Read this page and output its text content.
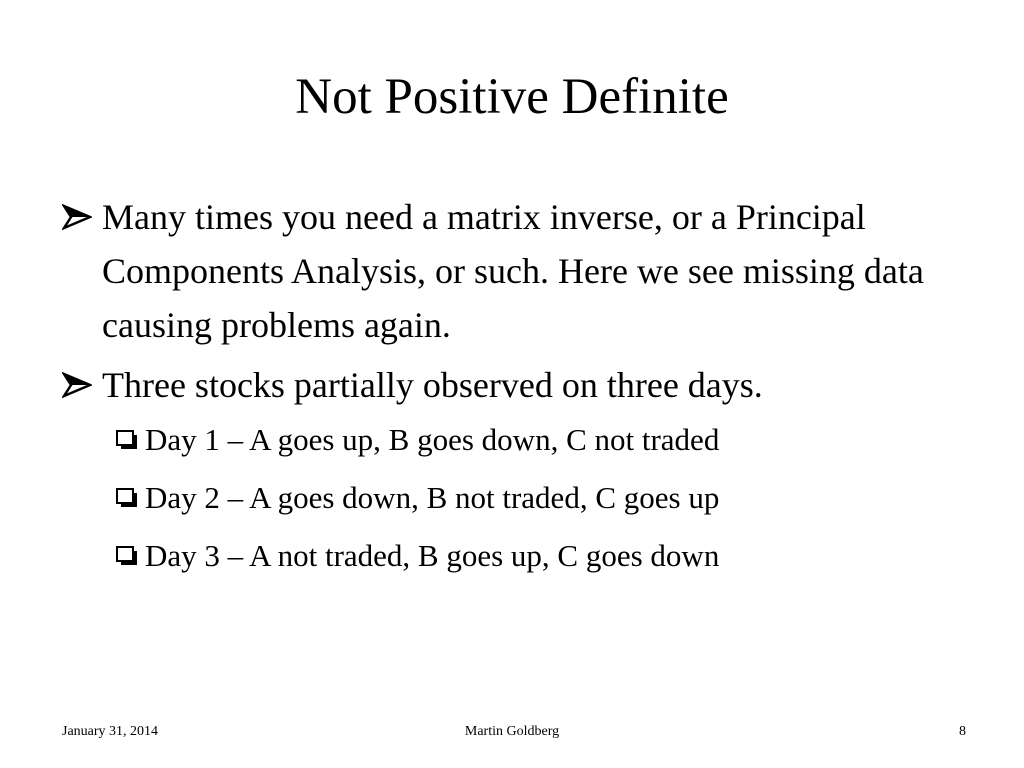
Not Positive Definite
Many times you need a matrix inverse, or a Principal Components Analysis, or such. Here we see missing data causing problems again.
Three stocks partially observed on three days.
Day 1 – A goes up, B goes down, C not traded
Day 2 – A goes down, B not traded, C goes up
Day 3 – A not traded, B goes up, C goes down
January 31, 2014	Martin Goldberg	8
